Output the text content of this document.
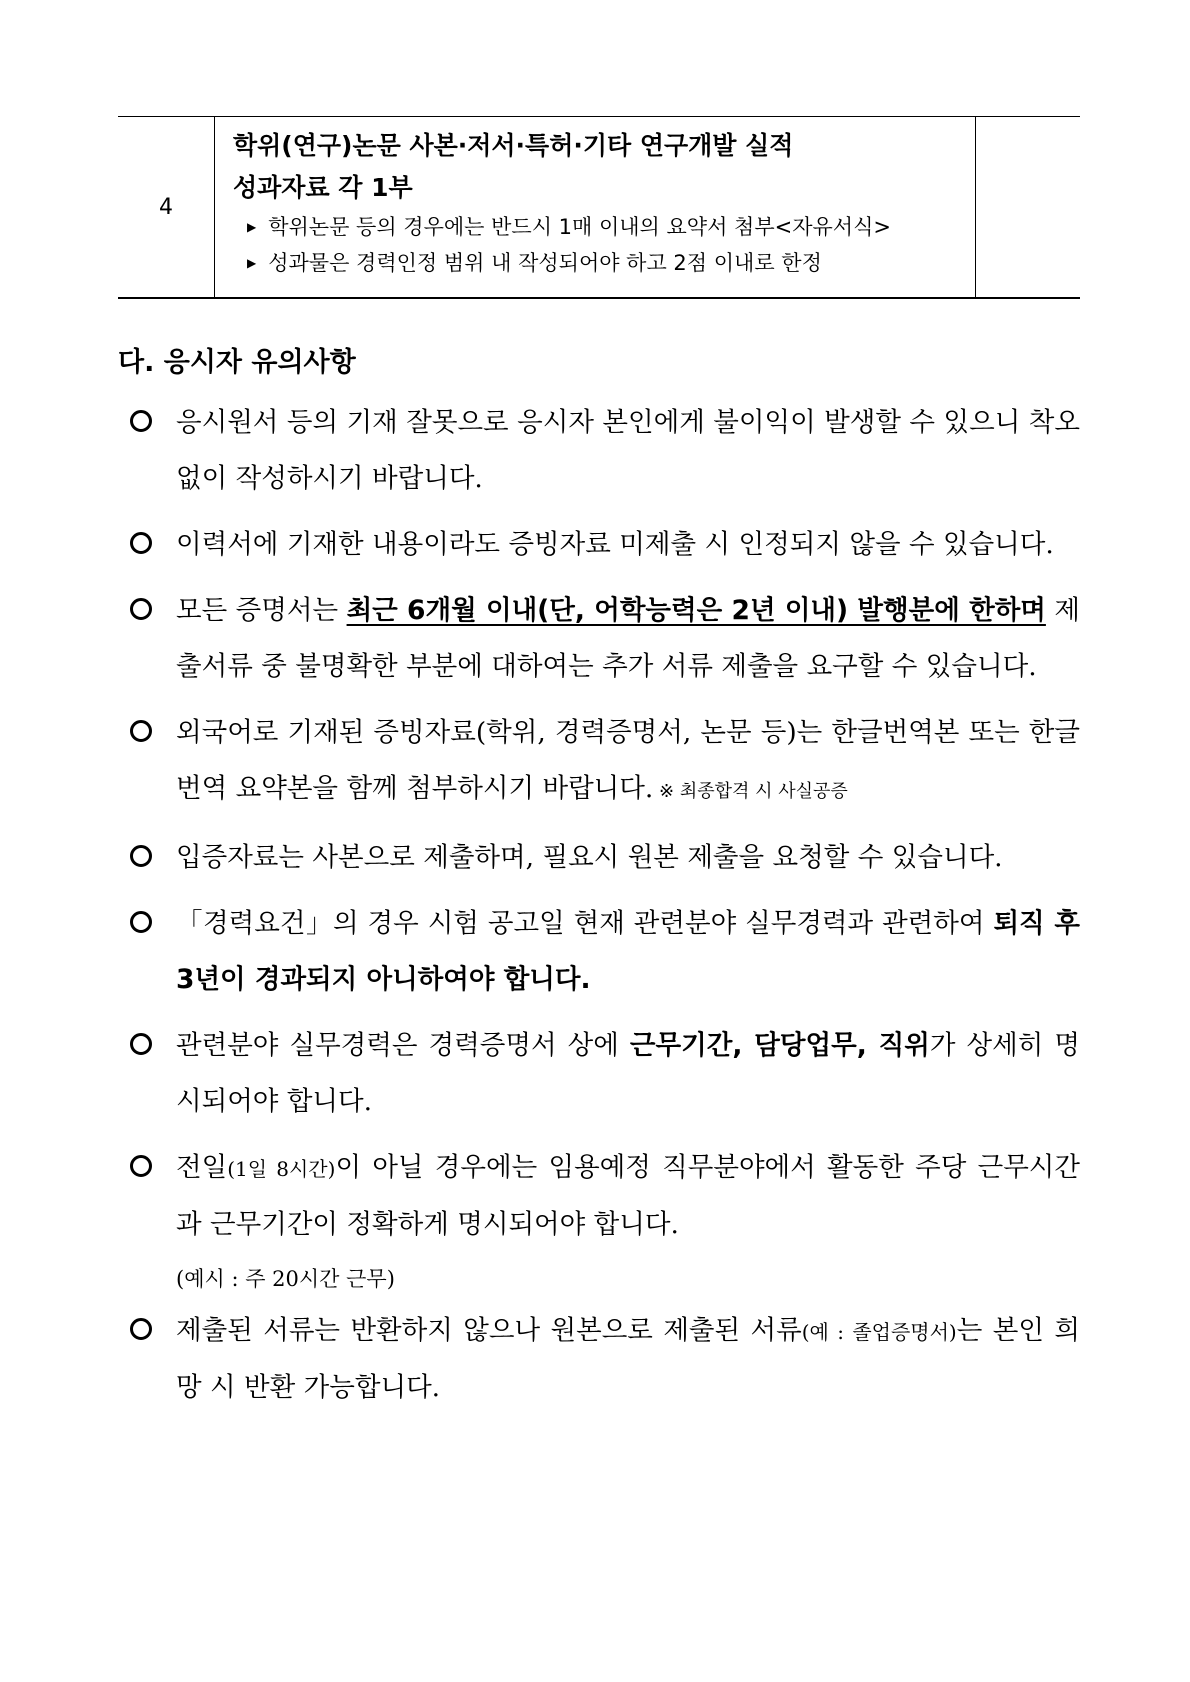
4
학위(연구)논문 사본·저서·특허·기타 연구개발 실적
성과자료 각 1부
▶ 학위논문 등의 경우에는 반드시 1매 이내의 요약서 첨부<자유서식>
▶ 성과물은 경력인정 범위 내 작성되어야 하고 2점 이내로 한정
다. 응시자 유의사항
응시원서 등의 기재 잘못으로 응시자 본인에게 불이익이 발생할 수 있으니 착오 없이 작성하시기 바랍니다.
이력서에 기재한 내용이라도 증빙자료 미제출 시 인정되지 않을 수 있습니다.
모든 증명서는 최근 6개월 이내(단, 어학능력은 2년 이내) 발행분에 한하며 제출서류 중 불명확한 부분에 대하여는 추가 서류 제출을 요구할 수 있습니다.
외국어로 기재된 증빙자료(학위, 경력증명서, 논문 등)는 한글번역본 또는 한글번역 요약본을 함께 첨부하시기 바랍니다. ※ 최종합격 시 사실공증
입증자료는 사본으로 제출하며, 필요시 원본 제출을 요청할 수 있습니다.
「경력요건」의 경우 시험 공고일 현재 관련분야 실무경력과 관련하여 퇴직 후 3년이 경과되지 아니하여야 합니다.
관련분야 실무경력은 경력증명서 상에 근무기간, 담당업무, 직위가 상세히 명시되어야 합니다.
전일(1일 8시간)이 아닐 경우에는 임용예정 직무분야에서 활동한 주당 근무시간과 근무기간이 정확하게 명시되어야 합니다.
(예시 : 주 20시간 근무)
제출된 서류는 반환하지 않으나 원본으로 제출된 서류(예 : 졸업증명서)는 본인 희망 시 반환 가능합니다.
